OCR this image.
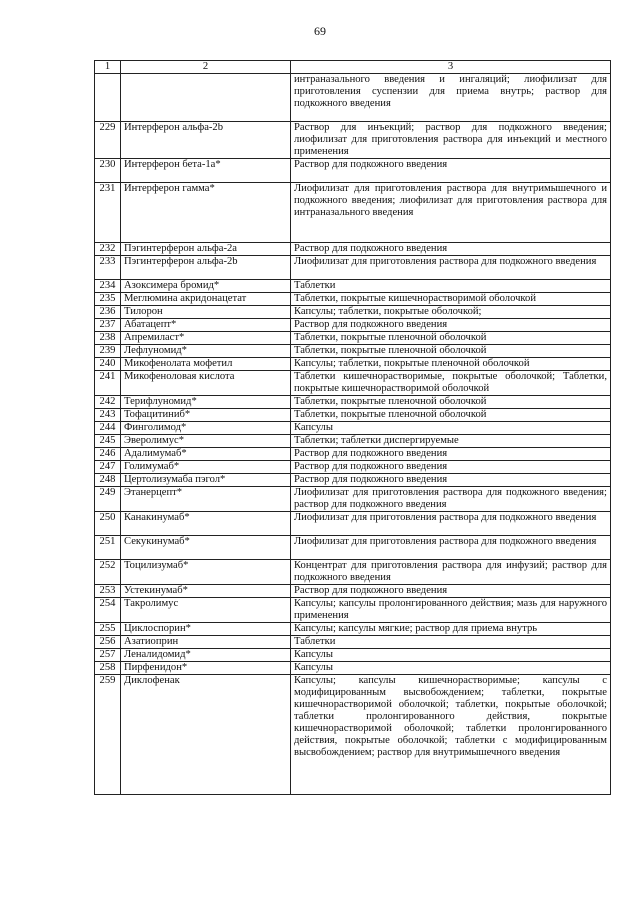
69
1	2	3
		интраназального введения и ингаляций; лиофилизат для приготовления суспензии для приема внутрь; раствор для подкожного введения
229	Интерферон альфа-2b	Раствор для инъекций; раствор для подкожного введения; лиофилизат для приготовления раствора для инъекций и местного применения
230	Интерферон бета-1а*	Раствор для подкожного введения
231	Интерферон гамма*	Лиофилизат для приготовления раствора для внутримышечного и подкожного введения; лиофилизат для приготовления раствора для интраназального введения
232	Пэгинтерферон альфа-2а	Раствор для подкожного введения
233	Пэгинтерферон альфа-2b	Лиофилизат для приготовления раствора для подкожного введения
234	Азоксимера бромид*	Таблетки
235	Меглюмина акридонацетат	Таблетки, покрытые кишечнорастворимой оболочкой
236	Тилорон	Капсулы; таблетки, покрытые оболочкой;
237	Абатацепт*	Раствор для подкожного введения
238	Апремиласт*	Таблетки, покрытые пленочной оболочкой
239	Лефлуномид*	Таблетки, покрытые пленочной оболочкой
240	Микофенолата мофетил	Капсулы; таблетки, покрытые пленочной оболочкой
241	Микофеноловая кислота	Таблетки кишечнорастворимые, покрытые оболочкой; Таблетки, покрытые кишечнорастворимой оболочкой
242	Терифлуномид*	Таблетки, покрытые пленочной оболочкой
243	Тофацитиниб*	Таблетки, покрытые пленочной оболочкой
244	Финголимод*	Капсулы
245	Эверолимус*	Таблетки; таблетки диспергируемые
246	Адалимумаб*	Раствор для подкожного введения
247	Голимумаб*	Раствор для подкожного введения
248	Цертолизумаба пэгол*	Раствор для подкожного введения
249	Этанерцепт*	Лиофилизат для приготовления раствора для подкожного введения; раствор для подкожного введения
250	Канакинумаб*	Лиофилизат для приготовления раствора для подкожного введения
251	Секукинумаб*	Лиофилизат для приготовления раствора для подкожного введения
252	Тоцилизумаб*	Концентрат для приготовления раствора для инфузий; раствор для подкожного введения
253	Устекинумаб*	Раствор для подкожного введения
254	Такролимус	Капсулы; капсулы пролонгированного действия; мазь для наружного применения
255	Циклоспорин*	Капсулы; капсулы мягкие; раствор для приема внутрь
256	Азатиоприн	Таблетки
257	Леналидомид*	Капсулы
258	Пирфенидон*	Капсулы
259	Диклофенак	Капсулы; капсулы кишечнорастворимые; капсулы с модифицированным высвобождением; таблетки, покрытые кишечнорастворимой оболочкой; таблетки, покрытые оболочкой; таблетки пролонгированного действия, покрытые кишечнорастворимой оболочкой; таблетки пролонгированного действия, покрытые оболочкой; таблетки с модифицированным высвобождением; раствор для внутримышечного введения
